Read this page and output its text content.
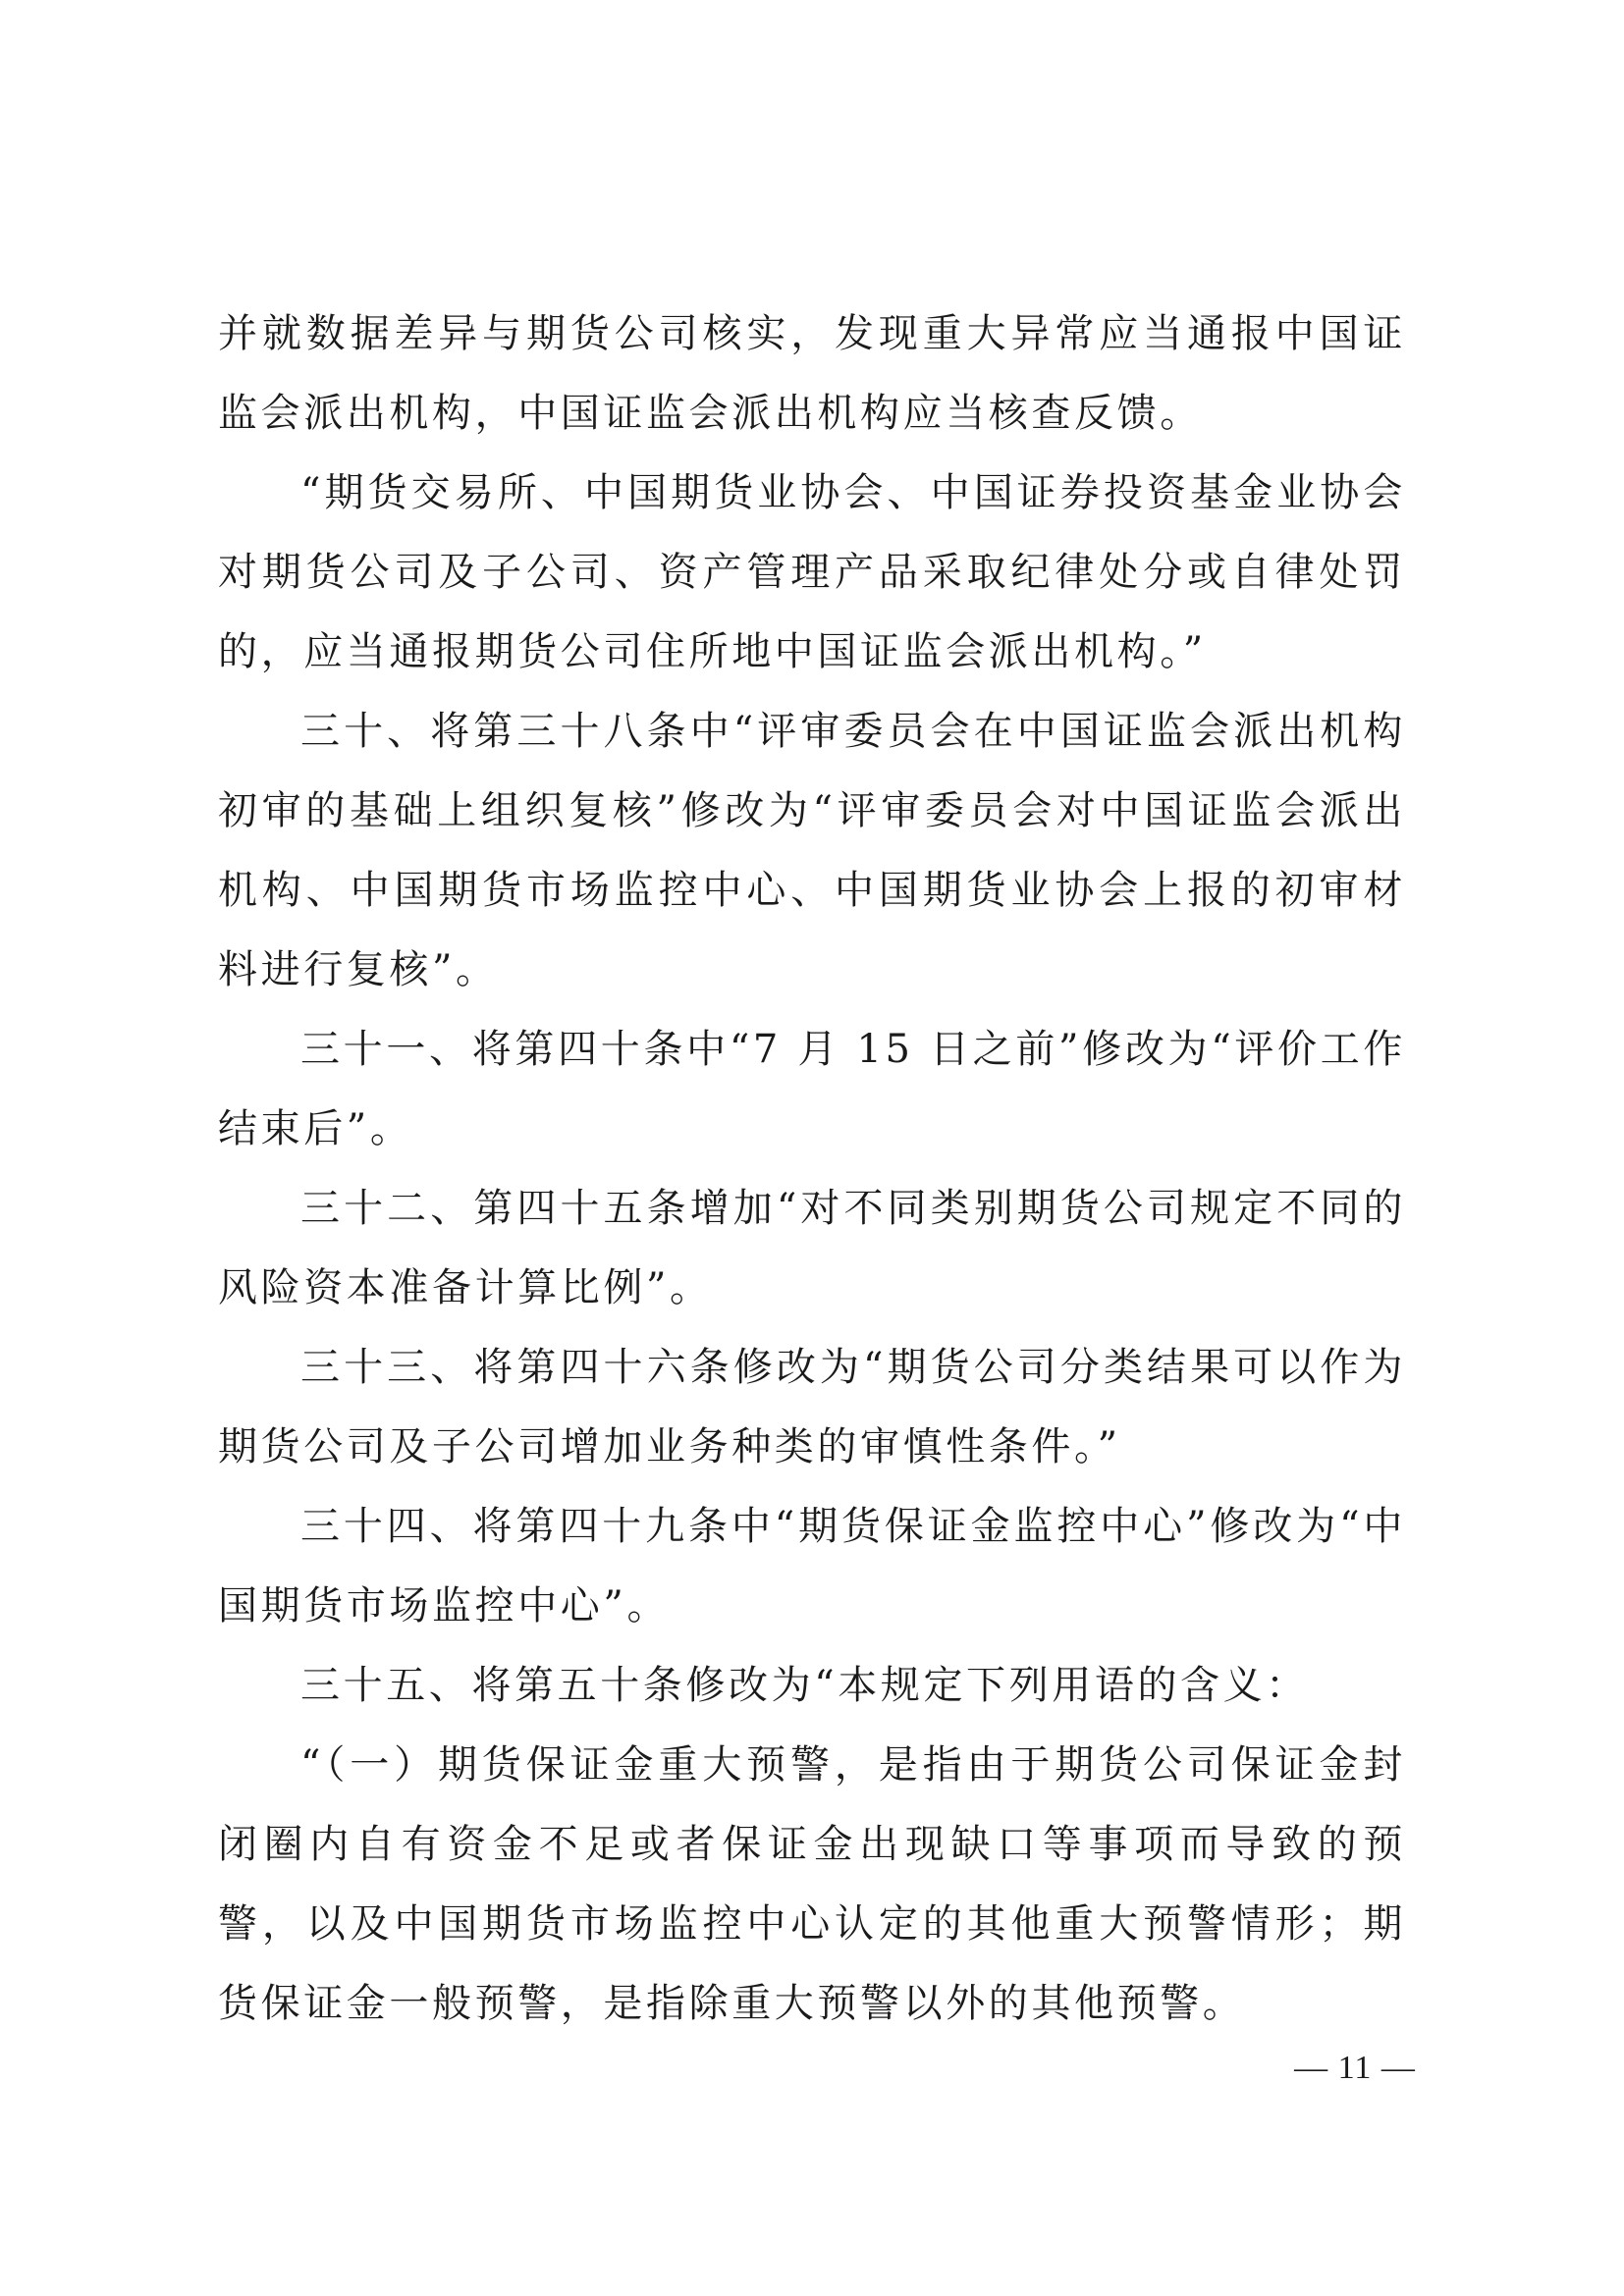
并就数据差异与期货公司核实，发现重大异常应当通报中国证监会派出机构，中国证监会派出机构应当核查反馈。

“期货交易所、中国期货业协会、中国证券投资基金业协会对期货公司及子公司、资产管理产品采取纪律处分或自律处罚的，应当通报期货公司住所地中国证监会派出机构。”

三十、将第三十八条中“评审委员会在中国证监会派出机构初审的基础上组织复核”修改为“评审委员会对中国证监会派出机构、中国期货市场监控中心、中国期货业协会上报的初审材料进行复核”。

三十一、将第四十条中“7 月 15 日之前”修改为“评价工作结束后”。

三十二、第四十五条增加“对不同类别期货公司规定不同的风险资本准备计算比例”。

三十三、将第四十六条修改为“期货公司分类结果可以作为期货公司及子公司增加业务种类的审慎性条件。”

三十四、将第四十九条中“期货保证金监控中心”修改为“中国期货市场监控中心”。

三十五、将第五十条修改为“本规定下列用语的含义：

“（一）期货保证金重大预警，是指由于期货公司保证金封闭圈内自有资金不足或者保证金出现缺口等事项而导致的预警，以及中国期货市场监控中心认定的其他重大预警情形；期货保证金一般预警，是指除重大预警以外的其他预警。

— 11 —
